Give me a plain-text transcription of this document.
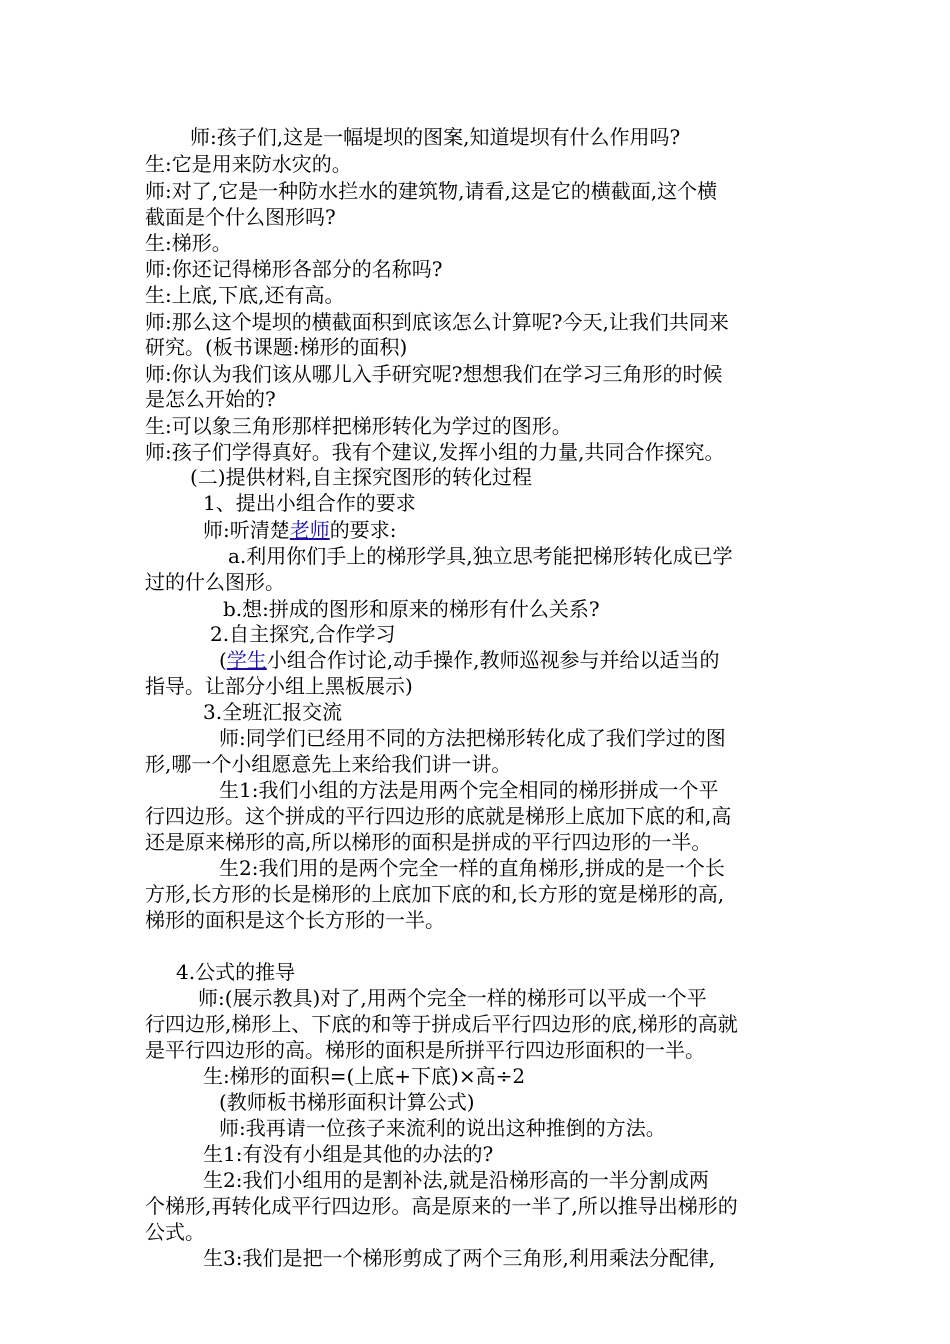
师:孩子们,这是一幅堤坝的图案,知道堤坝有什么作用吗?
生:它是用来防水灾的。
师:对了,它是一种防水拦水的建筑物,请看,这是它的横截面,这个横
截面是个什么图形吗?
生:梯形。
师:你还记得梯形各部分的名称吗?
生:上底,下底,还有高。
师:那么这个堤坝的横截面积到底该怎么计算呢?今天,让我们共同来
研究。(板书课题:梯形的面积)
师:你认为我们该从哪儿入手研究呢?想想我们在学习三角形的时候
是怎么开始的?
生:可以象三角形那样把梯形转化为学过的图形。
师:孩子们学得真好。我有个建议,发挥小组的力量,共同合作探究。
(二)提供材料,自主探究图形的转化过程
1、提出小组合作的要求
师:听清楚老师的要求:
a.利用你们手上的梯形学具,独立思考能把梯形转化成已学
过的什么图形。
b.想:拼成的图形和原来的梯形有什么关系?
2.自主探究,合作学习
(学生小组合作讨论,动手操作,教师巡视参与并给以适当的
指导。让部分小组上黑板展示)
3.全班汇报交流
师:同学们已经用不同的方法把梯形转化成了我们学过的图
形,哪一个小组愿意先上来给我们讲一讲。
生1:我们小组的方法是用两个完全相同的梯形拼成一个平
行四边形。这个拼成的平行四边形的底就是梯形上底加下底的和,高
还是原来梯形的高,所以梯形的面积是拼成的平行四边形的一半。
生2:我们用的是两个完全一样的直角梯形,拼成的是一个长
方形,长方形的长是梯形的上底加下底的和,长方形的宽是梯形的高,
梯形的面积是这个长方形的一半。
4.公式的推导
师:(展示教具)对了,用两个完全一样的梯形可以平成一个平
行四边形,梯形上、下底的和等于拼成后平行四边形的底,梯形的高就
是平行四边形的高。梯形的面积是所拼平行四边形面积的一半。
生:梯形的面积=(上底+下底)×高÷2
(教师板书梯形面积计算公式)
师:我再请一位孩子来流利的说出这种推倒的方法。
生1:有没有小组是其他的办法的?
生2:我们小组用的是割补法,就是沿梯形高的一半分割成两
个梯形,再转化成平行四边形。高是原来的一半了,所以推导出梯形的
公式。
生3:我们是把一个梯形剪成了两个三角形,利用乘法分配律,
